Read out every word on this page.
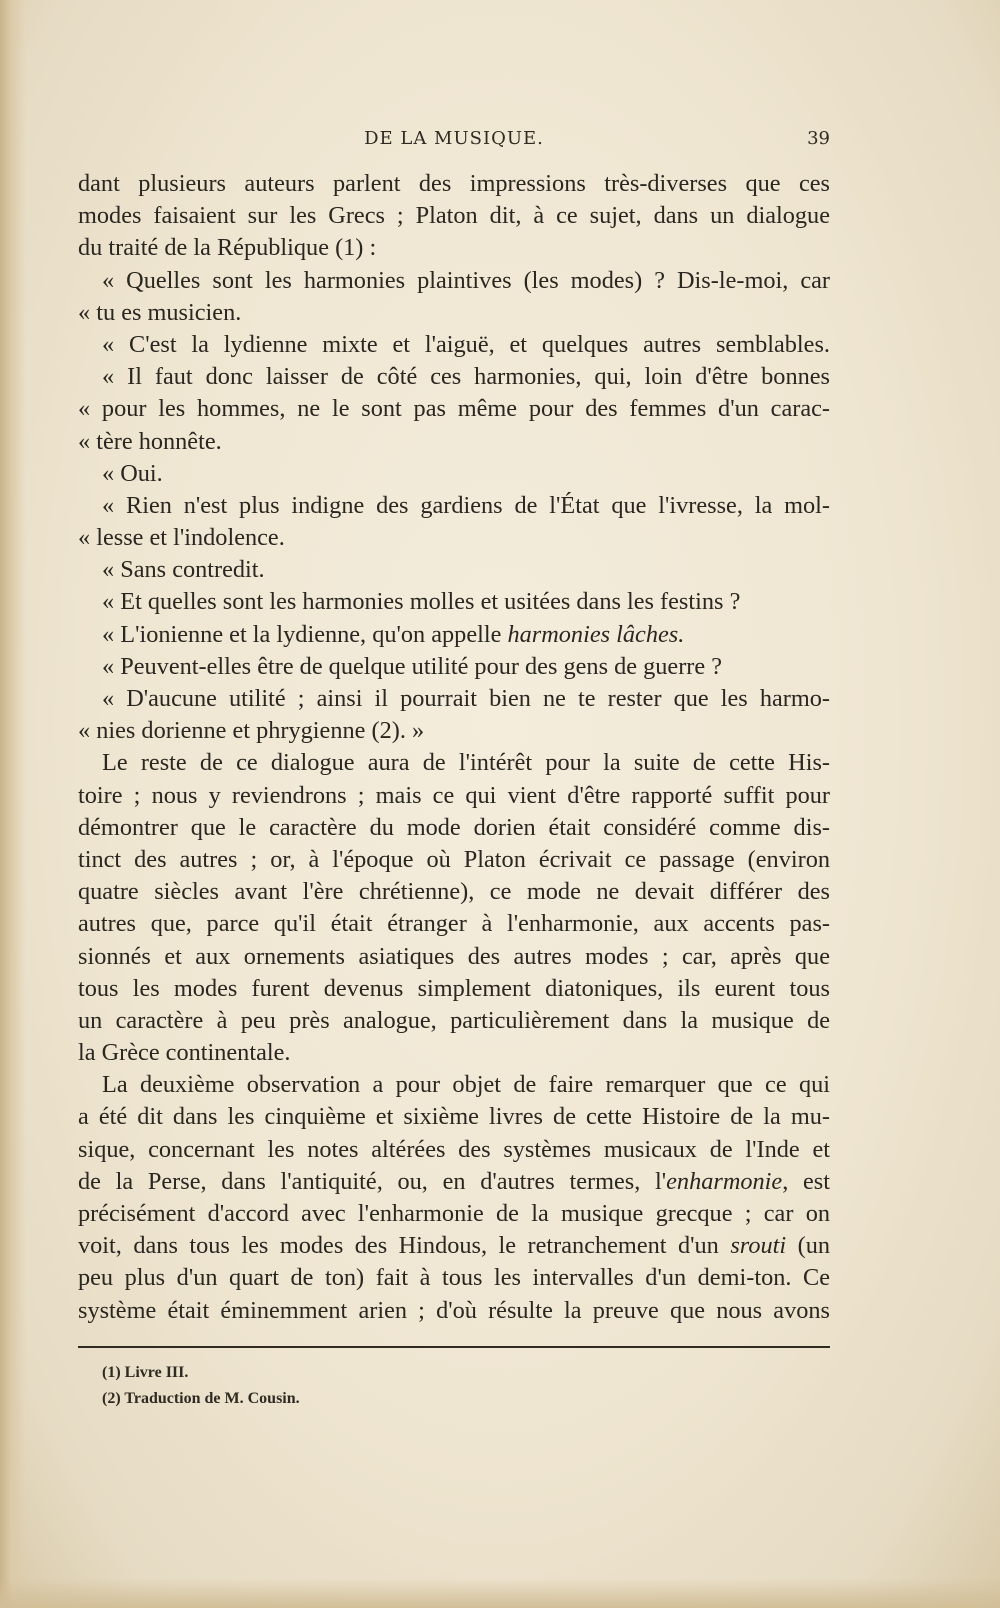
DE LA MUSIQUE.	39
dant plusieurs auteurs parlent des impressions très-diverses que ces
modes faisaient sur les Grecs ; Platon dit, à ce sujet, dans un dialogue
du traité de la République (1) :
« Quelles sont les harmonies plaintives (les modes) ? Dis-le-moi, car
« tu es musicien.
« C'est la lydienne mixte et l'aiguë, et quelques autres semblables.
« Il faut donc laisser de côté ces harmonies, qui, loin d'être bonnes
« pour les hommes, ne le sont pas même pour des femmes d'un carac-
« tère honnête.
« Oui.
« Rien n'est plus indigne des gardiens de l'État que l'ivresse, la mol-
« lesse et l'indolence.
« Sans contredit.
« Et quelles sont les harmonies molles et usitées dans les festins ?
« L'ionienne et la lydienne, qu'on appelle harmonies lâches.
« Peuvent-elles être de quelque utilité pour des gens de guerre ?
« D'aucune utilité ; ainsi il pourrait bien ne te rester que les harmo-
« nies dorienne et phrygienne (2). »
Le reste de ce dialogue aura de l'intérêt pour la suite de cette His-
toire ; nous y reviendrons ; mais ce qui vient d'être rapporté suffit pour
démontrer que le caractère du mode dorien était considéré comme dis-
tinct des autres ; or, à l'époque où Platon écrivait ce passage (environ
quatre siècles avant l'ère chrétienne), ce mode ne devait différer des
autres que, parce qu'il était étranger à l'enharmonie, aux accents pas-
sionnés et aux ornements asiatiques des autres modes ; car, après que
tous les modes furent devenus simplement diatoniques, ils eurent tous
un caractère à peu près analogue, particulièrement dans la musique de
la Grèce continentale.
La deuxième observation a pour objet de faire remarquer que ce qui
a été dit dans les cinquième et sixième livres de cette Histoire de la mu-
sique, concernant les notes altérées des systèmes musicaux de l'Inde et
de la Perse, dans l'antiquité, ou, en d'autres termes, l'enharmonie, est
précisément d'accord avec l'enharmonie de la musique grecque ; car on
voit, dans tous les modes des Hindous, le retranchement d'un srouti (un
peu plus d'un quart de ton) fait à tous les intervalles d'un demi-ton. Ce
système était éminemment arien ; d'où résulte la preuve que nous avons
(1) Livre III.
(2) Traduction de M. Cousin.
